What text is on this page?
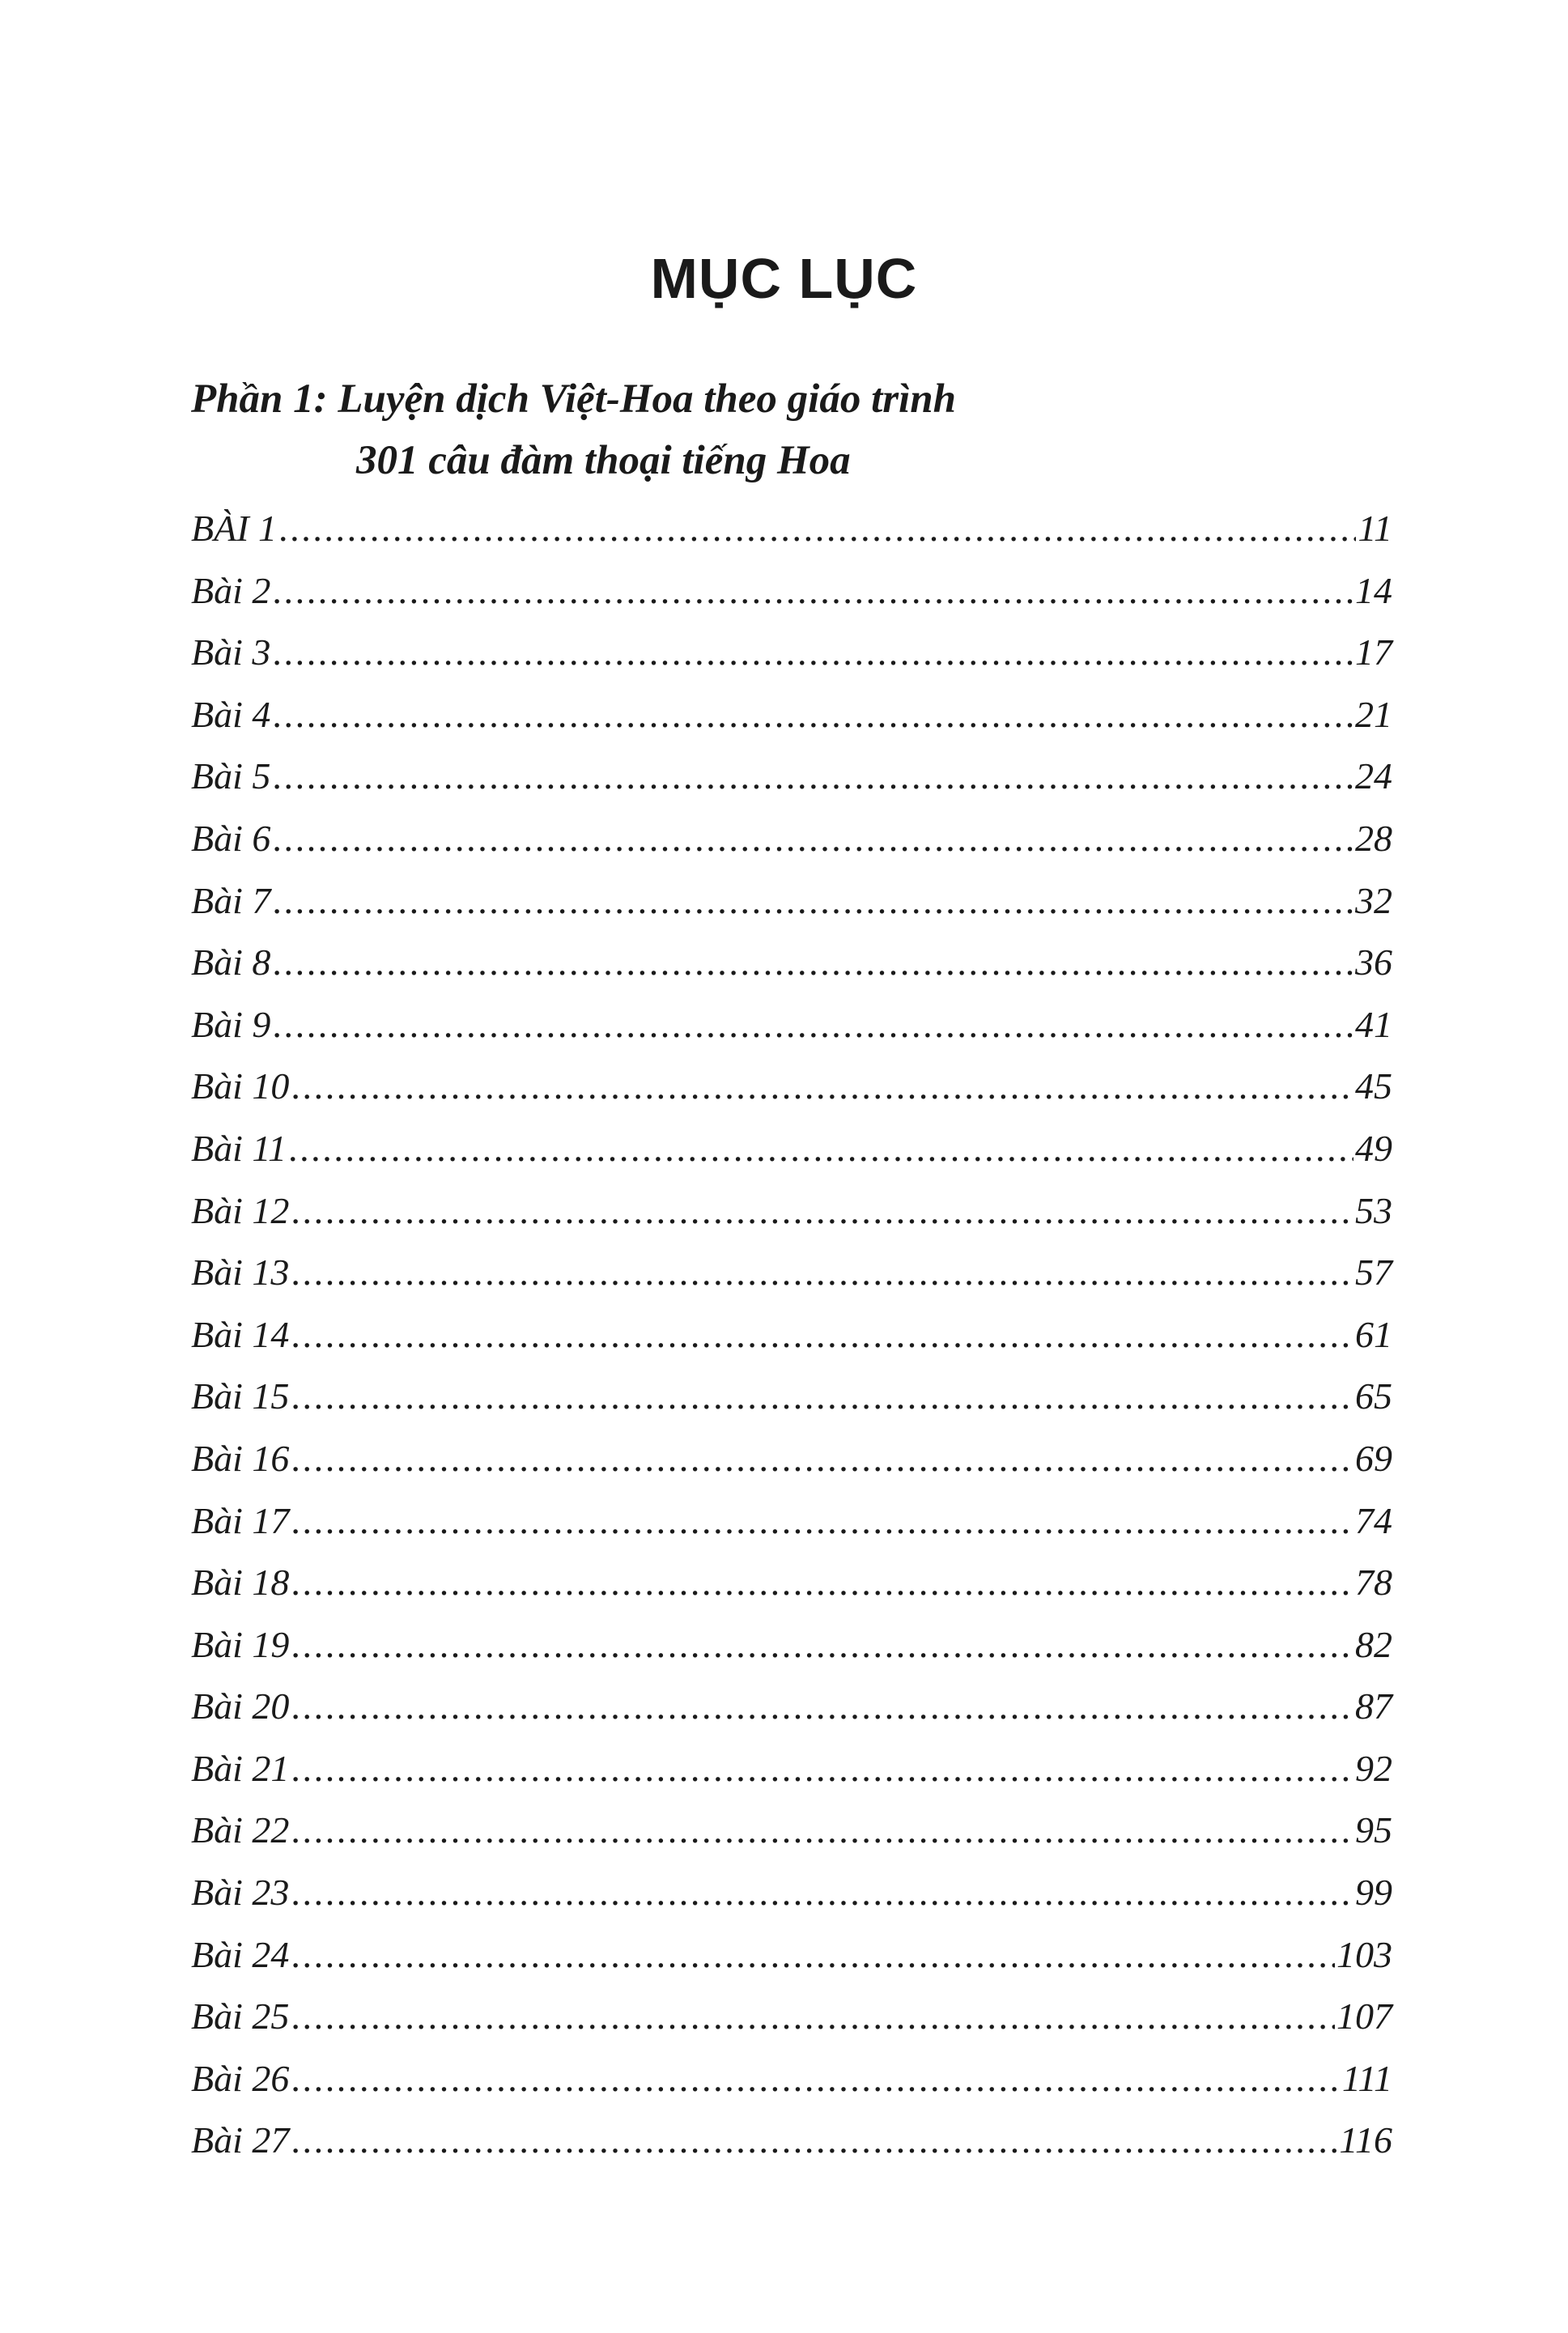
MỤC LỤC
Phần 1: Luyện dịch Việt-Hoa theo giáo trình
301 câu đàm thoại tiếng Hoa
BÀI 1 .....	11
Bài 2 .....	14
Bài 3 .....	17
Bài 4 .....	21
Bài 5 .....	24
Bài 6 .....	28
Bài 7 .....	32
Bài 8 .....	36
Bài 9 .....	41
Bài 10 .....	45
Bài 11 .....	49
Bài 12 .....	53
Bài 13 .....	57
Bài 14 .....	61
Bài 15 .....	65
Bài 16 .....	69
Bài 17 .....	74
Bài 18 .....	78
Bài 19 .....	82
Bài 20 .....	87
Bài 21 .....	92
Bài 22 .....	95
Bài 23 .....	99
Bài 24 .....	103
Bài 25 .....	107
Bài 26 .....	111
Bài 27 .....	116
